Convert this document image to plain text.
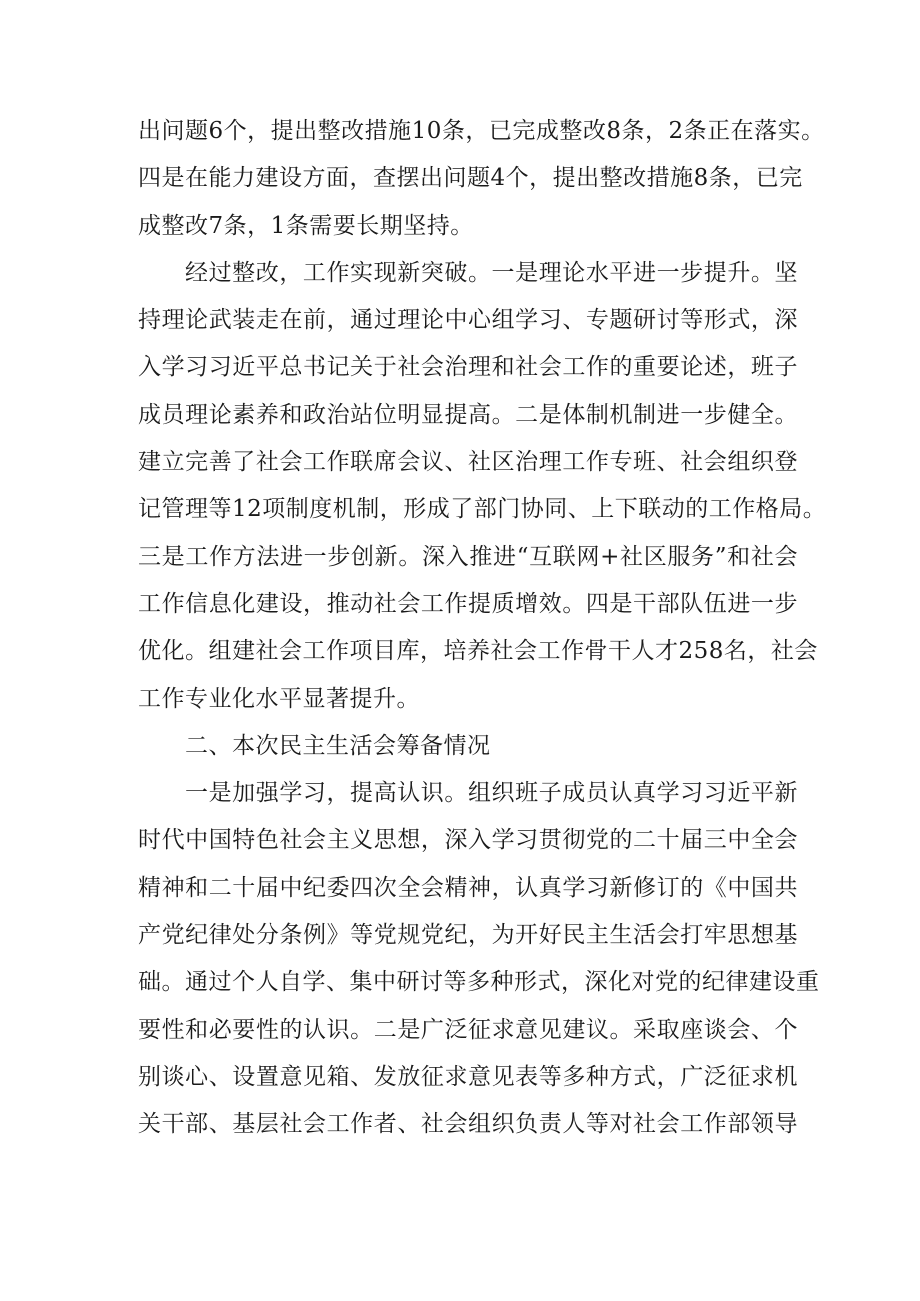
出问题6个，提出整改措施10条，已完成整改8条，2条正在落实。
四是在能力建设方面，查摆出问题4个，提出整改措施8条，已完
成整改7条，1条需要长期坚持。
经过整改，工作实现新突破。一是理论水平进一步提升。坚
持理论武装走在前，通过理论中心组学习、专题研讨等形式，深
入学习习近平总书记关于社会治理和社会工作的重要论述，班子
成员理论素养和政治站位明显提高。二是体制机制进一步健全。
建立完善了社会工作联席会议、社区治理工作专班、社会组织登
记管理等12项制度机制，形成了部门协同、上下联动的工作格局。
三是工作方法进一步创新。深入推进“互联网+社区服务”和社会
工作信息化建设，推动社会工作提质增效。四是干部队伍进一步
优化。组建社会工作项目库，培养社会工作骨干人才258名，社会
工作专业化水平显著提升。
二、本次民主生活会筹备情况
一是加强学习，提高认识。组织班子成员认真学习习近平新
时代中国特色社会主义思想，深入学习贯彻党的二十届三中全会
精神和二十届中纪委四次全会精神，认真学习新修订的《中国共
产党纪律处分条例》等党规党纪，为开好民主生活会打牢思想基
础。通过个人自学、集中研讨等多种形式，深化对党的纪律建设重
要性和必要性的认识。二是广泛征求意见建议。采取座谈会、个
别谈心、设置意见箱、发放征求意见表等多种方式，广泛征求机
关干部、基层社会工作者、社会组织负责人等对社会工作部领导
